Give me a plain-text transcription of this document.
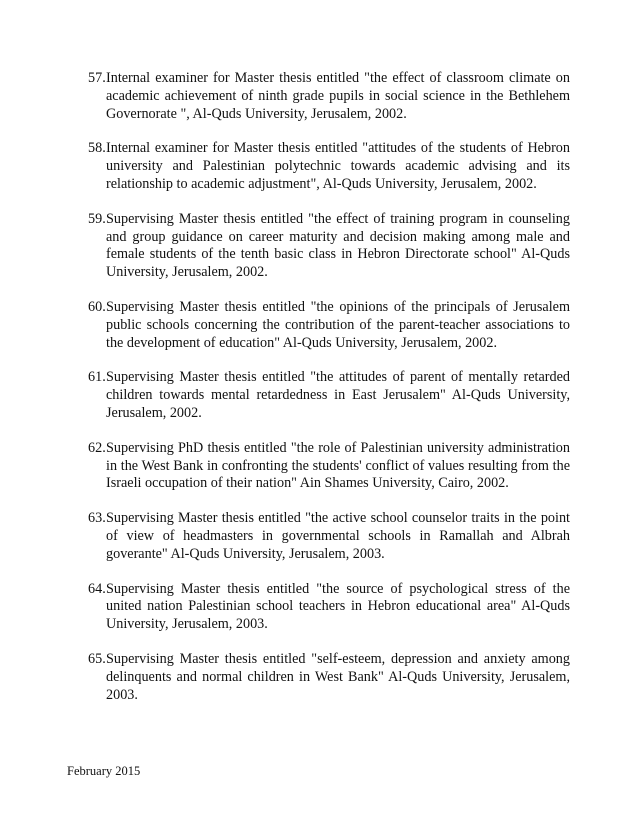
57. Internal examiner for Master thesis entitled "the effect of classroom climate on academic achievement of ninth grade pupils in social science in the Bethlehem Governorate ", Al-Quds University, Jerusalem, 2002.
58. Internal examiner for Master thesis entitled "attitudes of the students of Hebron university and Palestinian polytechnic towards academic advising and its relationship to academic adjustment", Al-Quds University, Jerusalem, 2002.
59. Supervising Master thesis entitled "the effect of training program in counseling and group guidance on career maturity and decision making among male and female students of the tenth basic class in Hebron Directorate school" Al-Quds University, Jerusalem, 2002.
60. Supervising Master thesis entitled "the opinions of the principals of Jerusalem public schools concerning the contribution of the parent-teacher associations to the development of education" Al-Quds University, Jerusalem, 2002.
61. Supervising Master thesis entitled "the attitudes of parent of mentally retarded children towards mental retardedness in East Jerusalem" Al-Quds University, Jerusalem, 2002.
62. Supervising PhD thesis entitled "the role of Palestinian university administration in the West Bank in confronting the students' conflict of values resulting from the Israeli occupation of their nation" Ain Shames University, Cairo, 2002.
63. Supervising Master thesis entitled "the active school counselor traits in the point of view of headmasters in governmental schools in Ramallah and Albrah goverante" Al-Quds University, Jerusalem, 2003.
64. Supervising Master thesis entitled "the source of psychological stress of the united nation Palestinian school teachers in Hebron educational area" Al-Quds University, Jerusalem, 2003.
65. Supervising Master thesis entitled "self-esteem, depression and anxiety among delinquents and normal children in West Bank" Al-Quds University, Jerusalem, 2003.
February 2015
